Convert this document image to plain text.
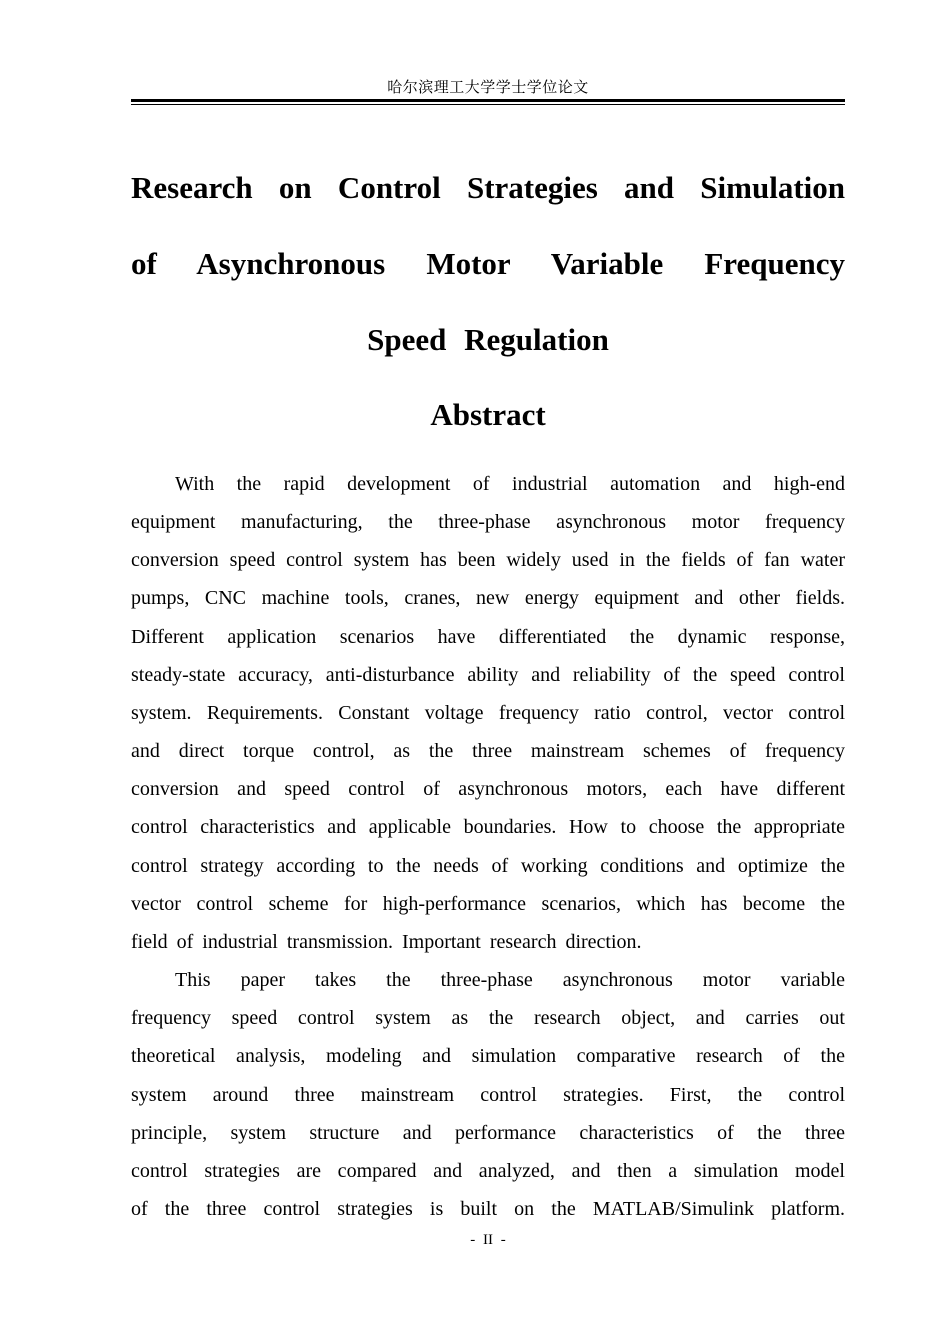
哈尔滨理工大学学士学位论文
Research on Control Strategies and Simulation
of Asynchronous Motor Variable Frequency
Speed Regulation
Abstract

With the rapid development of industrial automation and high-end
equipment manufacturing, the three-phase asynchronous motor frequency
conversion speed control system has been widely used in the fields of fan water
pumps, CNC machine tools, cranes, new energy equipment and other fields.
Different application scenarios have differentiated the dynamic response,
steady-state accuracy, anti-disturbance ability and reliability of the speed control
system. Requirements. Constant voltage frequency ratio control, vector control
and direct torque control, as the three mainstream schemes of frequency
conversion and speed control of asynchronous motors, each have different
control characteristics and applicable boundaries. How to choose the appropriate
control strategy according to the needs of working conditions and optimize the
vector control scheme for high-performance scenarios, which has become the
field of industrial transmission. Important research direction.

This paper takes the three-phase asynchronous motor variable
frequency speed control system as the research object, and carries out
theoretical analysis, modeling and simulation comparative research of the
system around three mainstream control strategies. First, the control
principle, system structure and performance characteristics of the three
control strategies are compared and analyzed, and then a simulation model
of the three control strategies is built on the MATLAB/Simulink platform.

- II -
